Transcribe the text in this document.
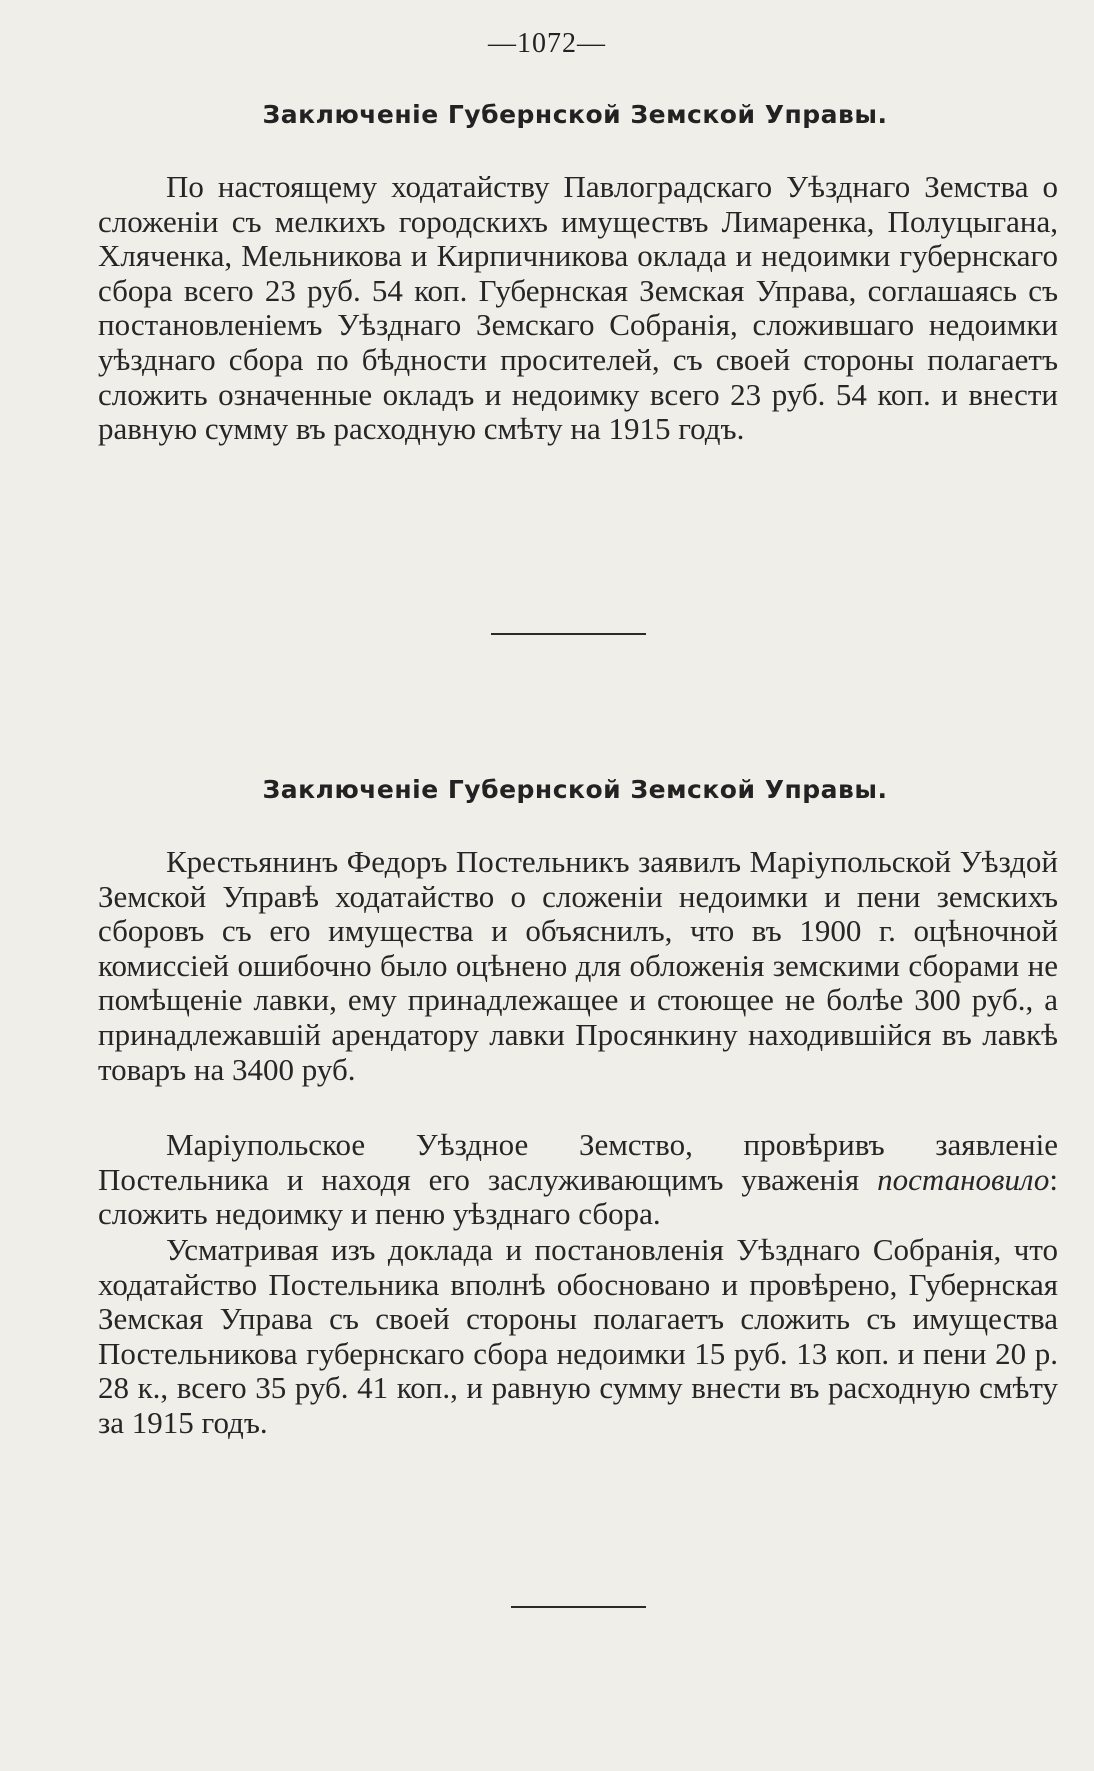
—1072—
Заключеніе Губернской Земской Управы.

По настоящему ходатайству Павлоградскаго Уѣзднаго Земства о сложеніи съ мелкихъ городскихъ имуществъ Лимаренка, Полуцыгана, Хляченка, Мельникова и Кирпичникова оклада и недоимки губернскаго сбора всего 23 руб. 54 коп. Губернская Земская Управа, соглашаясь съ постановленіемъ Уѣзднаго Земскаго Собранія, сложившаго недоимки уѣзднаго сбора по бѣдности просителей, съ своей стороны полагаетъ сложить означенные окладъ и недоимку всего 23 руб. 54 коп. и внести равную сумму въ расходную смѣту на 1915 годъ.

Заключеніе Губернской Земской Управы.

Крестьянинъ Федоръ Постельникъ заявилъ Маріупольской Уѣздой Земской Управѣ ходатайство о сложеніи недоимки и пени земскихъ сборовъ съ его имущества и объяснилъ, что въ 1900 г. оцѣночной комиссіей ошибочно было оцѣнено для обложенія земскими сборами не помѣщеніе лавки, ему принадлежащее и стоющее не болѣе 300 руб., а принадлежавшій арендатору лавки Просянкину находившійся въ лавкѣ товаръ на 3400 руб.

Маріупольское Уѣздное Земство, провѣривъ заявленіе Постельника и находя его заслуживающимъ уваженія постановило: сложить недоимку и пеню уѣзднаго сбора.

Усматривая изъ доклада и постановленія Уѣзднаго Собранія, что ходатайство Постельника вполнѣ обосновано и провѣрено, Губернская Земская Управа съ своей стороны полагаетъ сложить съ имущества Постельникова губернскаго сбора недоимки 15 руб. 13 коп. и пени 20 р. 28 к., всего 35 руб. 41 коп., и равную сумму внести въ расходную смѣту за 1915 годъ.
